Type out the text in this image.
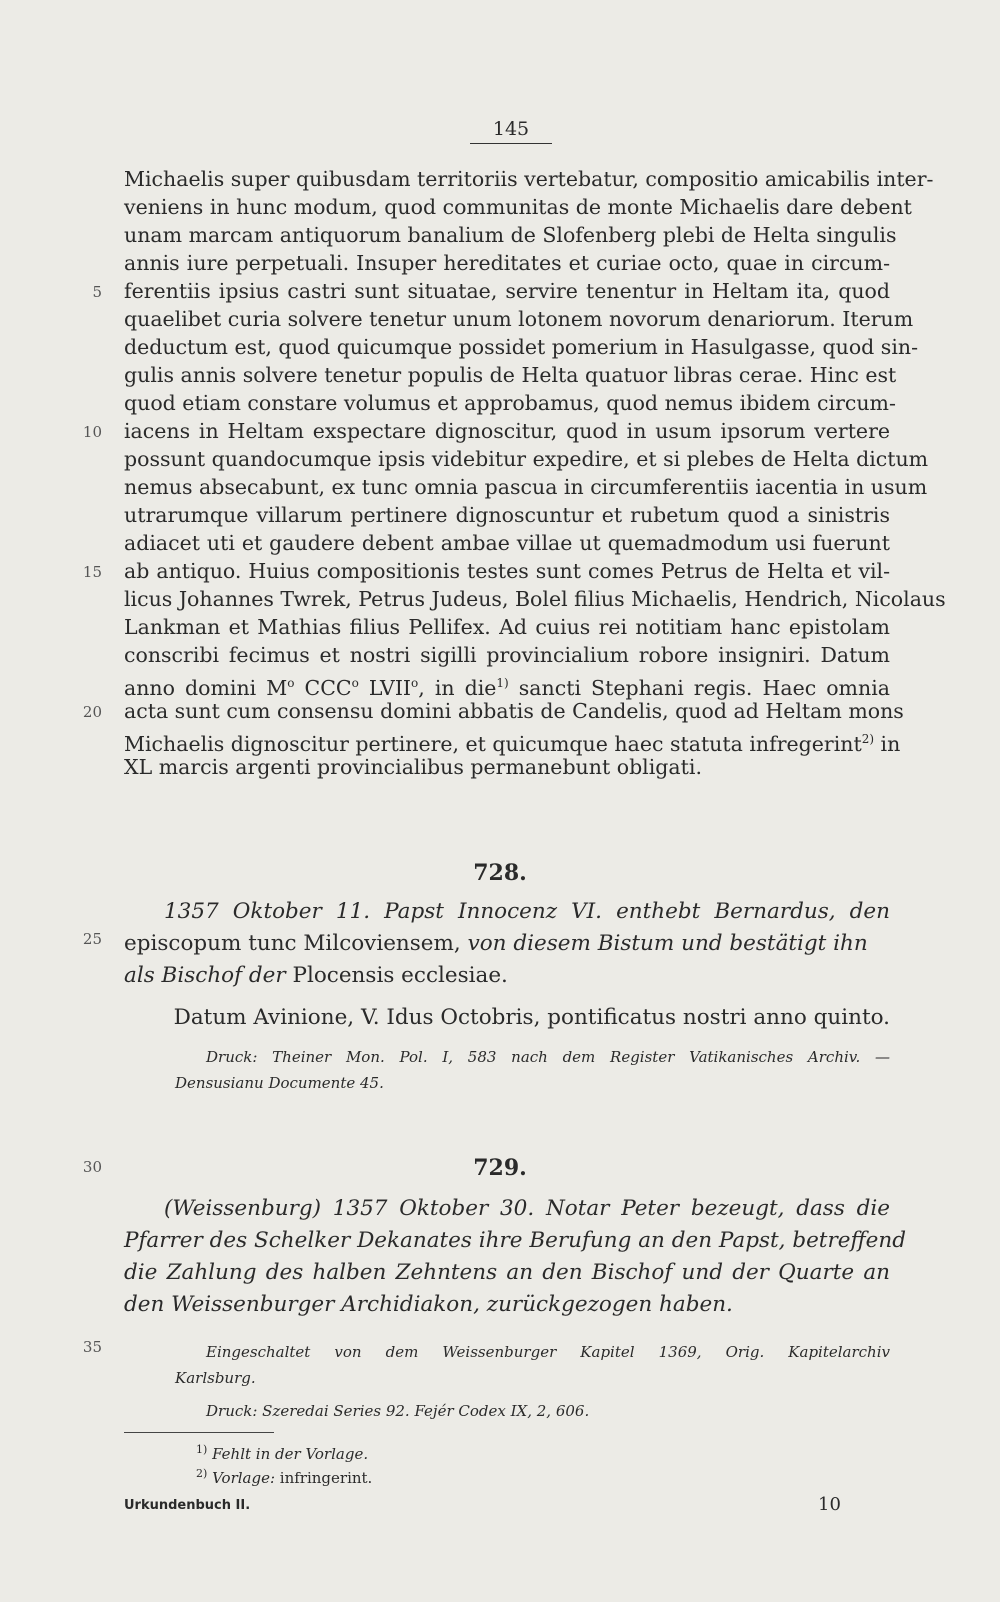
145
Michaelis super quibusdam territoriis vertebatur, compositio amicabilis inter-
veniens in hunc modum, quod communitas de monte Michaelis dare debent
unam marcam antiquorum banalium de Slofenberg plebi de Helta singulis
annis iure perpetuali. Insuper hereditates et curiae octo, quae in circum-
ferentiis ipsius castri sunt situatae, servire tenentur in Heltam ita, quod
quaelibet curia solvere tenetur unum lotonem novorum denariorum. Iterum
deductum est, quod quicumque possidet pomerium in Hasulgasse, quod sin-
gulis annis solvere tenetur populis de Helta quatuor libras cerae. Hinc est
quod etiam constare volumus et approbamus, quod nemus ibidem circum-
iacens in Heltam exspectare dignoscitur, quod in usum ipsorum vertere
possunt quandocumque ipsis videbitur expedire, et si plebes de Helta dictum
nemus absecabunt, ex tunc omnia pascua in circumferentiis iacentia in usum
utrarumque villarum pertinere dignoscuntur et rubetum quod a sinistris
adiacet uti et gaudere debent ambae villae ut quemadmodum usi fuerunt
ab antiquo. Huius compositionis testes sunt comes Petrus de Helta et vil-
licus Johannes Twrek, Petrus Judeus, Bolel filius Michaelis, Hendrich, Nicolaus
Lankman et Mathias filius Pellifex. Ad cuius rei notitiam hanc epistolam
conscribi fecimus et nostri sigilli provincialium robore insigniri. Datum
anno domini $M^o$ CCC$^o$ LVII$^o$, in die$^{1)}$ sancti Stephani regis. Haec omnia
acta sunt cum consensu domini abbatis de Candelis, quod ad Heltam mons
Michaelis dignoscitur pertinere, et quicumque haec statuta infregerint$^{2)}$ in
XL marcis argenti provincialibus permanebunt obligati.
5
10
15
20
25
30
35
728.
1357 Oktober 11. Papst Innocenz VI. enthebt Bernardus, den
episcopum tunc Milcoviensem, von diesem Bistum und bestätigt ihn
als Bischof der Plocensis ecclesiae.
Datum Avinione, V. Idus Octobris, pontificatus nostri anno quinto.
Druck: Theiner Mon. Pol. I, 583 nach dem Register Vatikanisches Archiv. —
Densusianu Documente 45.
729.
(Weissenburg) 1357 Oktober 30. Notar Peter bezeugt, dass die
Pfarrer des Schelker Dekanates ihre Berufung an den Papst, betreffend
die Zahlung des halben Zehntens an den Bischof und der Quarte an
den Weissenburger Archidiakon, zurückgezogen haben.
Eingeschaltet von dem Weissenburger Kapitel 1369, Orig. Kapitelarchiv
Karlsburg.
Druck: Szeredai Series 92. Fejér Codex IX, 2, 606.
$^{1)}$ Fehlt in der Vorlage.
$^{2)}$ Vorlage: infringerint.
Urkundenbuch II.	10
